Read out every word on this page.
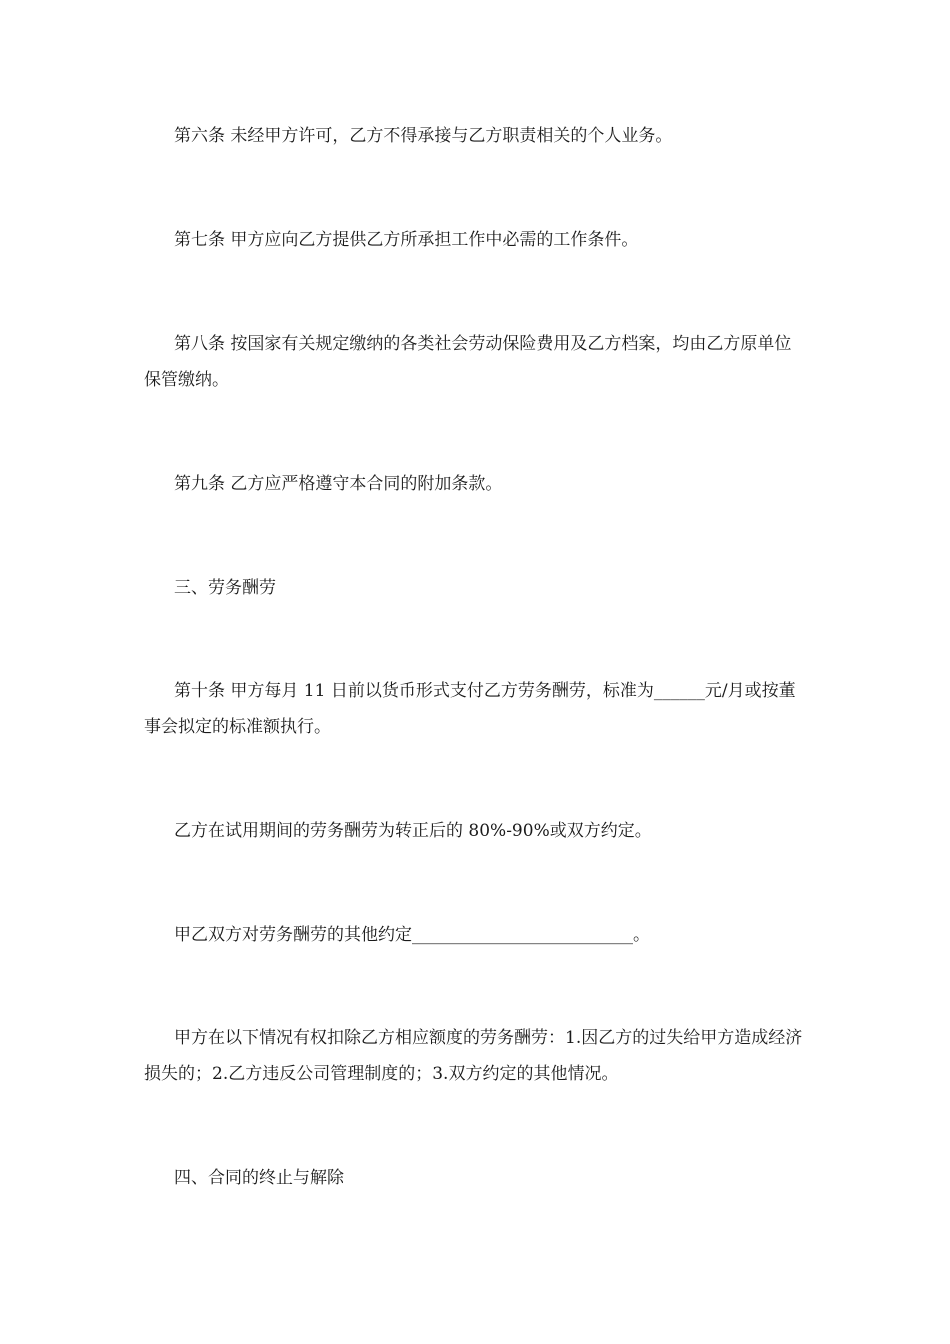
第六条 未经甲方许可，乙方不得承接与乙方职责相关的个人业务。

第七条 甲方应向乙方提供乙方所承担工作中必需的工作条件。

第八条 按国家有关规定缴纳的各类社会劳动保险费用及乙方档案，均由乙方原单位保管缴纳。

第九条 乙方应严格遵守本合同的附加条款。

三、劳务酬劳

第十条 甲方每月 11 日前以货币形式支付乙方劳务酬劳，标准为______元/月或按董事会拟定的标准额执行。

乙方在试用期间的劳务酬劳为转正后的 80%-90%或双方约定。

甲乙双方对劳务酬劳的其他约定__________________________。

甲方在以下情况有权扣除乙方相应额度的劳务酬劳：1.因乙方的过失给甲方造成经济损失的；2.乙方违反公司管理制度的；3.双方约定的其他情况。

四、合同的终止与解除
